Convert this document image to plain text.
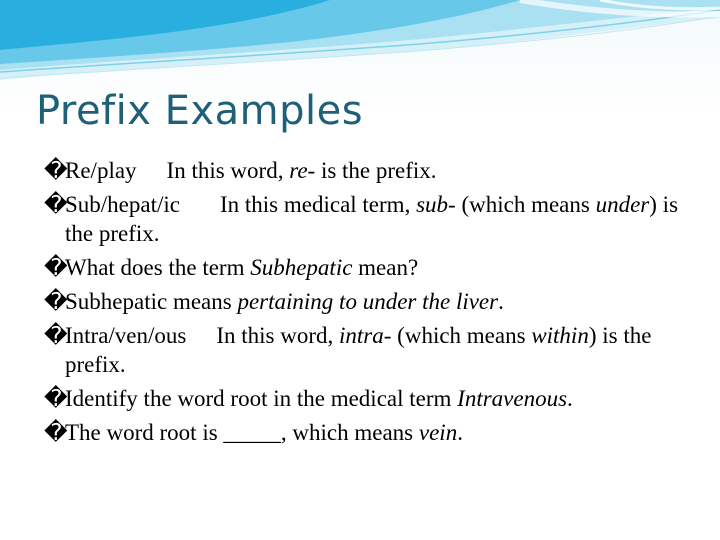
Prefix Examples
�
Re/play In this word, re- is the prefix.
�
Sub/hepat/ic In this medical term, sub- (which means under) is the prefix.
�
What does the term Subhepatic mean?
�
Subhepatic means pertaining to under the liver.
�
Intra/ven/ous In this word, intra- (which means within) is the prefix.
�
Identify the word root in the medical term Intravenous.
�
The word root is _____, which means vein.
